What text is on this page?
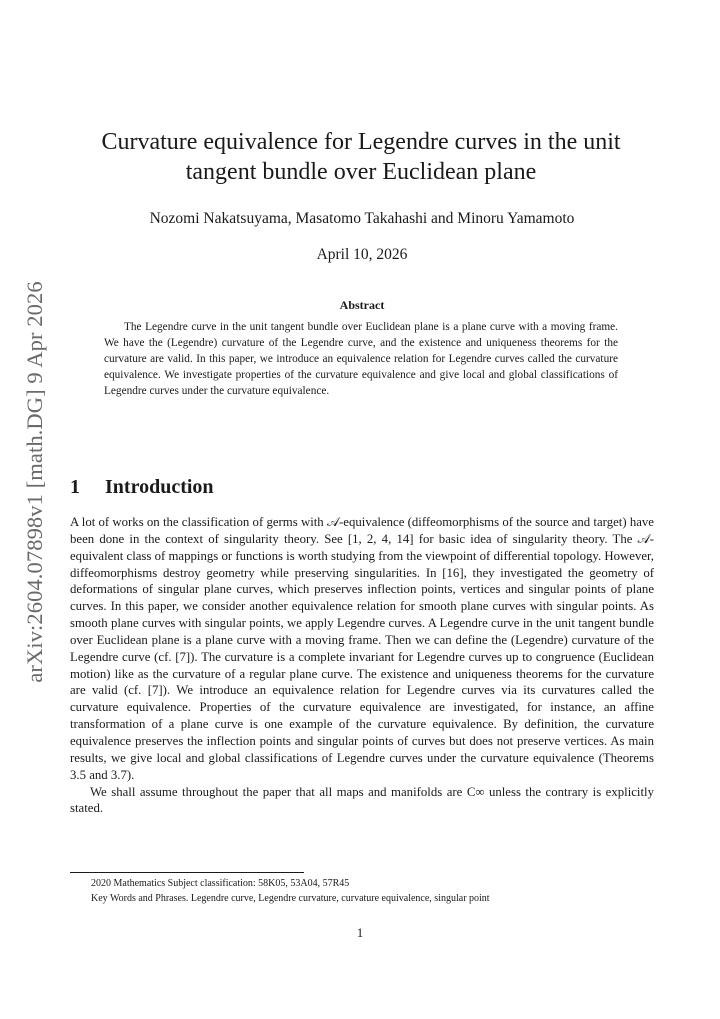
arXiv:2604.07898v1 [math.DG] 9 Apr 2026
Curvature equivalence for Legendre curves in the unit tangent bundle over Euclidean plane
Nozomi Nakatsuyama, Masatomo Takahashi and Minoru Yamamoto
April 10, 2026
Abstract

The Legendre curve in the unit tangent bundle over Euclidean plane is a plane curve with a moving frame. We have the (Legendre) curvature of the Legendre curve, and the existence and uniqueness theorems for the curvature are valid. In this paper, we introduce an equivalence relation for Legendre curves called the curvature equivalence. We investigate properties of the curvature equivalence and give local and global classifications of Legendre curves under the curvature equivalence.

1 Introduction

A lot of works on the classification of germs with 𝒜-equivalence (diffeomorphisms of the source and target) have been done in the context of singularity theory. See [1, 2, 4, 14] for basic idea of singularity theory. The 𝒜-equivalent class of mappings or functions is worth studying from the viewpoint of differential topology. However, diffeomorphisms destroy geometry while preserving singularities. In [16], they investigated the geometry of deformations of singular plane curves, which preserves inflection points, vertices and singular points of plane curves. In this paper, we consider another equivalence relation for smooth plane curves with singular points. As smooth plane curves with singular points, we apply Legendre curves. A Legendre curve in the unit tangent bundle over Euclidean plane is a plane curve with a moving frame. Then we can define the (Legendre) curvature of the Legendre curve (cf. [7]). The curvature is a complete invariant for Legendre curves up to congruence (Euclidean motion) like as the curvature of a regular plane curve. The existence and uniqueness theorems for the curvature are valid (cf. [7]). We introduce an equivalence relation for Legendre curves via its curvatures called the curvature equivalence. Properties of the curvature equivalence are investigated, for instance, an affine transformation of a plane curve is one example of the curvature equivalence. By definition, the curvature equivalence preserves the inflection points and singular points of curves but does not preserve vertices. As main results, we give local and global classifications of Legendre curves under the curvature equivalence (Theorems 3.5 and 3.7).

We shall assume throughout the paper that all maps and manifolds are C∞ unless the contrary is explicitly stated.

2020 Mathematics Subject classification: 58K05, 53A04, 57R45
Key Words and Phrases. Legendre curve, Legendre curvature, curvature equivalence, singular point
1
